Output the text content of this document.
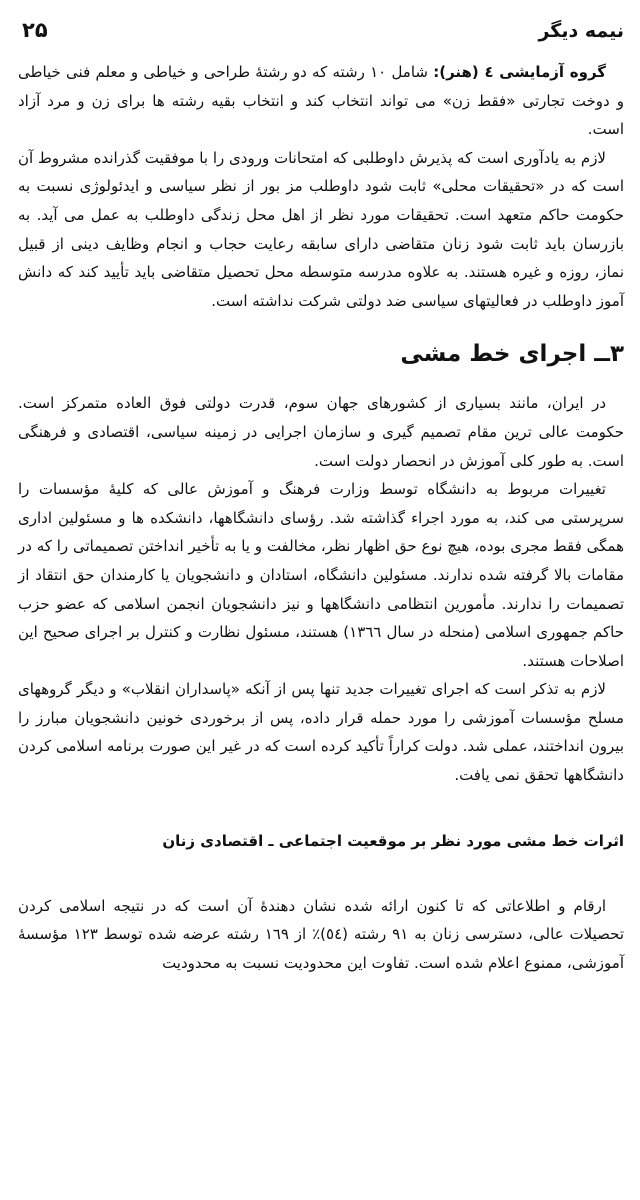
نیمه دیگر
۲۵

گروه آزمایشی ٤ (هنر): شامل ۱۰ رشته که دو رشتهٔ طراحی و خیاطی و معلم فنی خیاطی و دوخت تجارتی «فقط زن» می تواند انتخاب کند و انتخاب بقیه رشته ها برای زن و مرد آزاد است.

لازم به یادآوری است که پذیرش داوطلبی که امتحانات ورودی را با موفقیت گذرانده مشروط آن است که در «تحقیقات محلی» ثابت شود داوطلب مز بور از نظر سیاسی و ایدئولوژی نسبت به حکومت حاکم متعهد است. تحقیقات مورد نظر از اهل محل زندگی داوطلب به عمل می آید. به بازرسان باید ثابت شود زنان متقاضی دارای سابقه رعایت حجاب و انجام وظایف دینی از قبیل نماز، روزه و غیره هستند. به علاوه مدرسه متوسطه محل تحصیل متقاضی باید تأیید کند که دانش آموز داوطلب در فعالیتهای سیاسی ضد دولتی شرکت نداشته است.

۳ــ اجرای خط مشی

در ایران، مانند بسیاری از کشورهای جهان سوم، قدرت دولتی فوق العاده متمرکز است. حکومت عالی ترین مقام تصمیم گیری و سازمان اجرایی در زمینه سیاسی، اقتصادی و فرهنگی است. به طور کلی آموزش در انحصار دولت است.

تغییرات مربوط به دانشگاه توسط وزارت فرهنگ و آموزش عالی که کلیهٔ مؤسسات را سرپرستی می کند، به مورد اجراء گذاشته شد. رؤسای دانشگاهها، دانشکده ها و مسئولین اداری همگی فقط مجری بوده، هیچ نوع حق اظهار نظر، مخالفت و یا به تأخیر انداختن تصمیماتی را که در مقامات بالا گرفته شده ندارند. مسئولین دانشگاه، استادان و دانشجویان یا کارمندان حق انتقاد از تصمیمات را ندارند. مأمورین انتظامی دانشگاهها و نیز دانشجویان انجمن اسلامی که عضو حزب حاکم جمهوری اسلامی (منحله در سال ۱۳٦٦) هستند، مسئول نظارت و کنترل بر اجرای صحیح این اصلاحات هستند.

لازم به تذکر است که اجرای تغییرات جدید تنها پس از آنکه «پاسداران انقلاب» و دیگر گروههای مسلح مؤسسات آموزشی را مورد حمله قرار داده، پس از برخوردی خونین دانشجویان مبارز را بیرون انداختند، عملی شد. دولت کراراً تأکید کرده است که در غیر این صورت برنامه اسلامی کردن دانشگاهها تحقق نمی یافت.

اثرات خط مشی مورد نظر بر موقعیت اجتماعی ـ اقتصادی زنان

ارقام و اطلاعاتی که تا کنون ارائه شده نشان دهندهٔ آن است که در نتیجه اسلامی کردن تحصیلات عالی، دسترسی زنان به ۹۱ رشته (٥٤)٪ از ۱٦۹ رشته عرضه شده توسط ۱۲۳ مؤسسهٔ آموزشی، ممنوع اعلام شده است. تفاوت این محدودیت نسبت به محدودیت
